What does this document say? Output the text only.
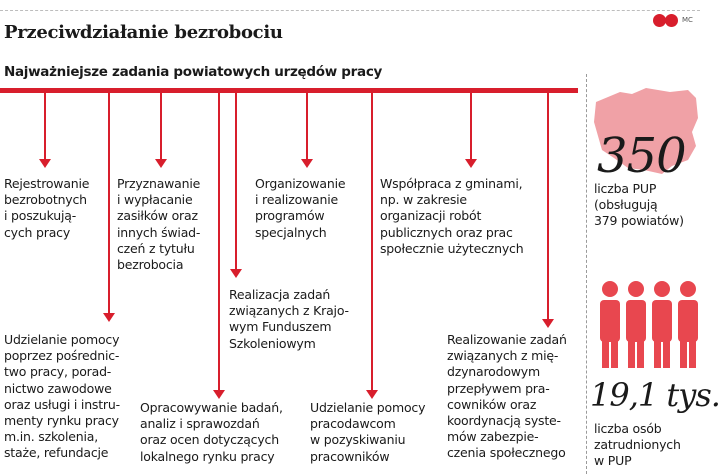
Przeciwdziałanie bezrobociu
MC
Najważniejsze zadania powiatowych urzędów pracy
Rejestrowanie
bezrobotnych
i poszukują-
cych pracy
Udzielanie pomocy
poprzez pośrednic-
two pracy, porad-
nictwo zawodowe
oraz usługi i instru-
menty rynku pracy
m.in. szkolenia,
staże, refundacje
Przyznawanie
i wypłacanie
zasiłków oraz
innych świad-
czeń z tytułu
bezrobocia
Opracowywanie badań,
analiz i sprawozdań
oraz ocen dotyczących
lokalnego rynku pracy
Realizacja zadań
związanych z Krajo-
wym Funduszem
Szkoleniowym
Organizowanie
i realizowanie
programów
specjalnych
Udzielanie pomocy
pracodawcom
w pozyskiwaniu
pracowników
Współpraca z gminami,
np. w zakresie
organizacji robót
publicznych oraz prac
społecznie użytecznych
Realizowanie zadań
związanych z mię-
dzynarodowym
przepływem pra-
cowników oraz
koordynacją syste-
mów zabezpie-
czenia społecznego
350
liczba PUP
(obsługują
379 powiatów)
19,1 tys.
liczba osób
zatrudnionych
w PUP
